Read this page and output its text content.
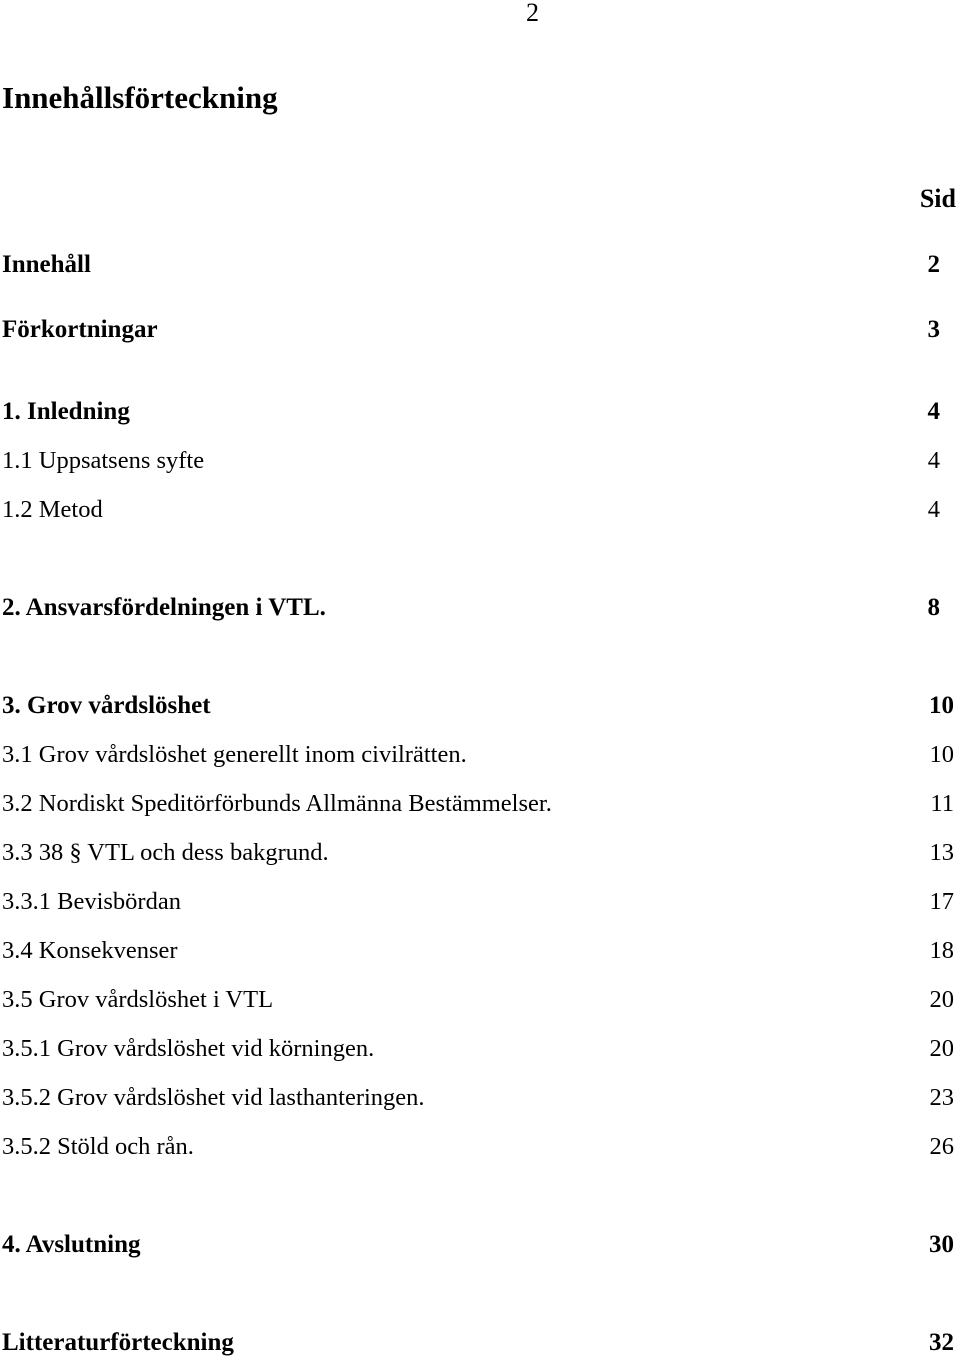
2
Innehållsförteckning
Sid
Innehåll	2
Förkortningar	3
1. Inledning	4
1.1 Uppsatsens syfte	4
1.2 Metod	4
2. Ansvarsfördelningen i VTL.	8
3. Grov vårdslöshet	10
3.1 Grov vårdslöshet generellt inom civilrätten.	10
3.2 Nordiskt Speditörförbunds Allmänna Bestämmelser.	11
3.3 38 § VTL och dess bakgrund.	13
3.3.1 Bevisbördan	17
3.4 Konsekvenser	18
3.5 Grov vårdslöshet i VTL	20
3.5.1 Grov vårdslöshet vid körningen.	20
3.5.2 Grov vårdslöshet vid lasthanteringen.	23
3.5.2 Stöld och rån.	26
4. Avslutning	30
Litteraturförteckning	32
